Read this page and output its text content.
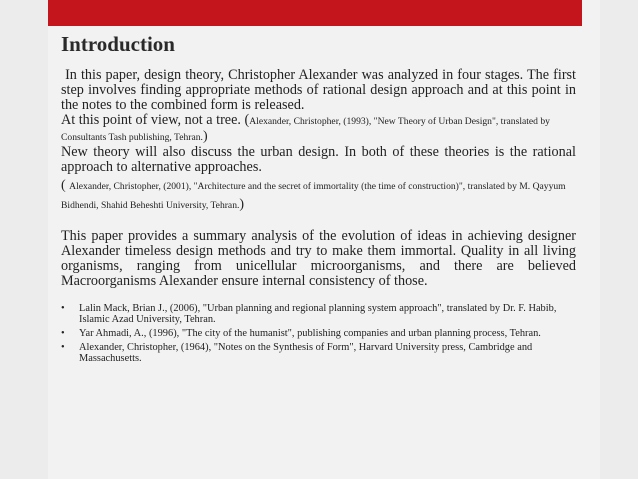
Introduction

In this paper, design theory, Christopher Alexander was analyzed in four stages. The first step involves finding appropriate methods of rational design approach and at this point in the notes to the combined form is released.

At this point of view, not a tree. (Alexander, Christopher, (1993), "New Theory of Urban Design", translated by Consultants Tash publishing, Tehran.)

New theory will also discuss the urban design. In both of these theories is the rational approach to alternative approaches.

( Alexander, Christopher, (2001), "Architecture and the secret of immortality (the time of construction)", translated by M. Qayyum Bidhendi, Shahid Beheshti University, Tehran.)

This paper provides a summary analysis of the evolution of ideas in achieving designer Alexander timeless design methods and try to make them immortal. Quality in all living organisms, ranging from unicellular microorganisms, and there are believed Macroorganisms Alexander ensure internal consistency of those.

• Lalin Mack, Brian J., (2006), "Urban planning and regional planning system approach", translated by Dr. F. Habib, Islamic Azad University, Tehran.
• Yar Ahmadi, A., (1996), "The city of the humanist", publishing companies and urban planning process, Tehran.
• Alexander, Christopher, (1964), "Notes on the Synthesis of Form", Harvard University press, Cambridge and Massachusetts.
